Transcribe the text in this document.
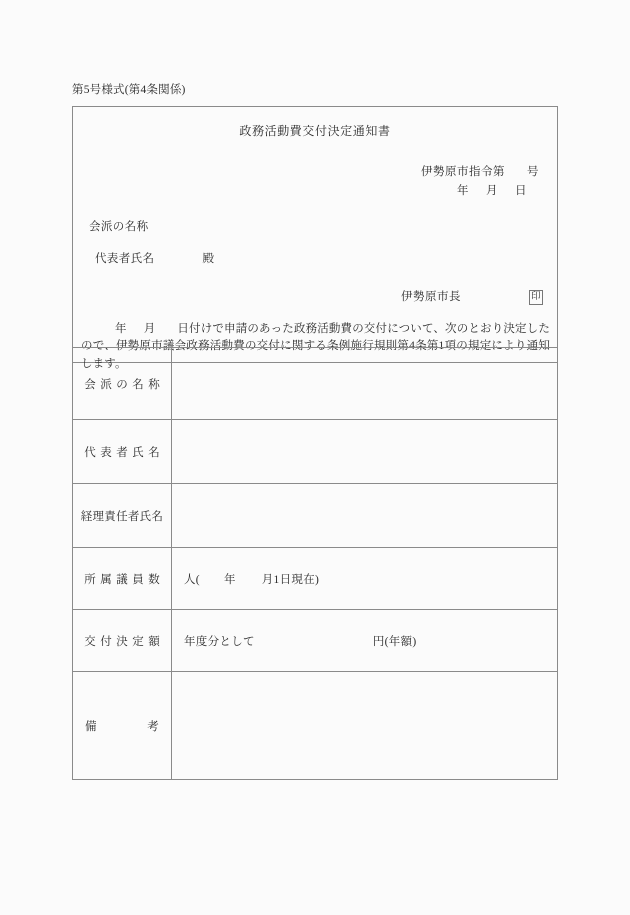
第5号様式(第4条関係)
政務活動費交付決定通知書
伊勢原市指令第 号
年 月 日
会派の名称
代表者氏名	殿
伊勢原市長	印
年 月 日付けで申請のあった政務活動費の交付について、次のとおり決定したので、伊勢原市議会政務活動費の交付に関する条例施行規則第4条第1項の規定により通知します。
会派の名称	
代表者氏名	
経理責任者氏名	
所属議員数	人( 年 月1日現在)
交付決定額	年度分として 円(年額)
備考	
